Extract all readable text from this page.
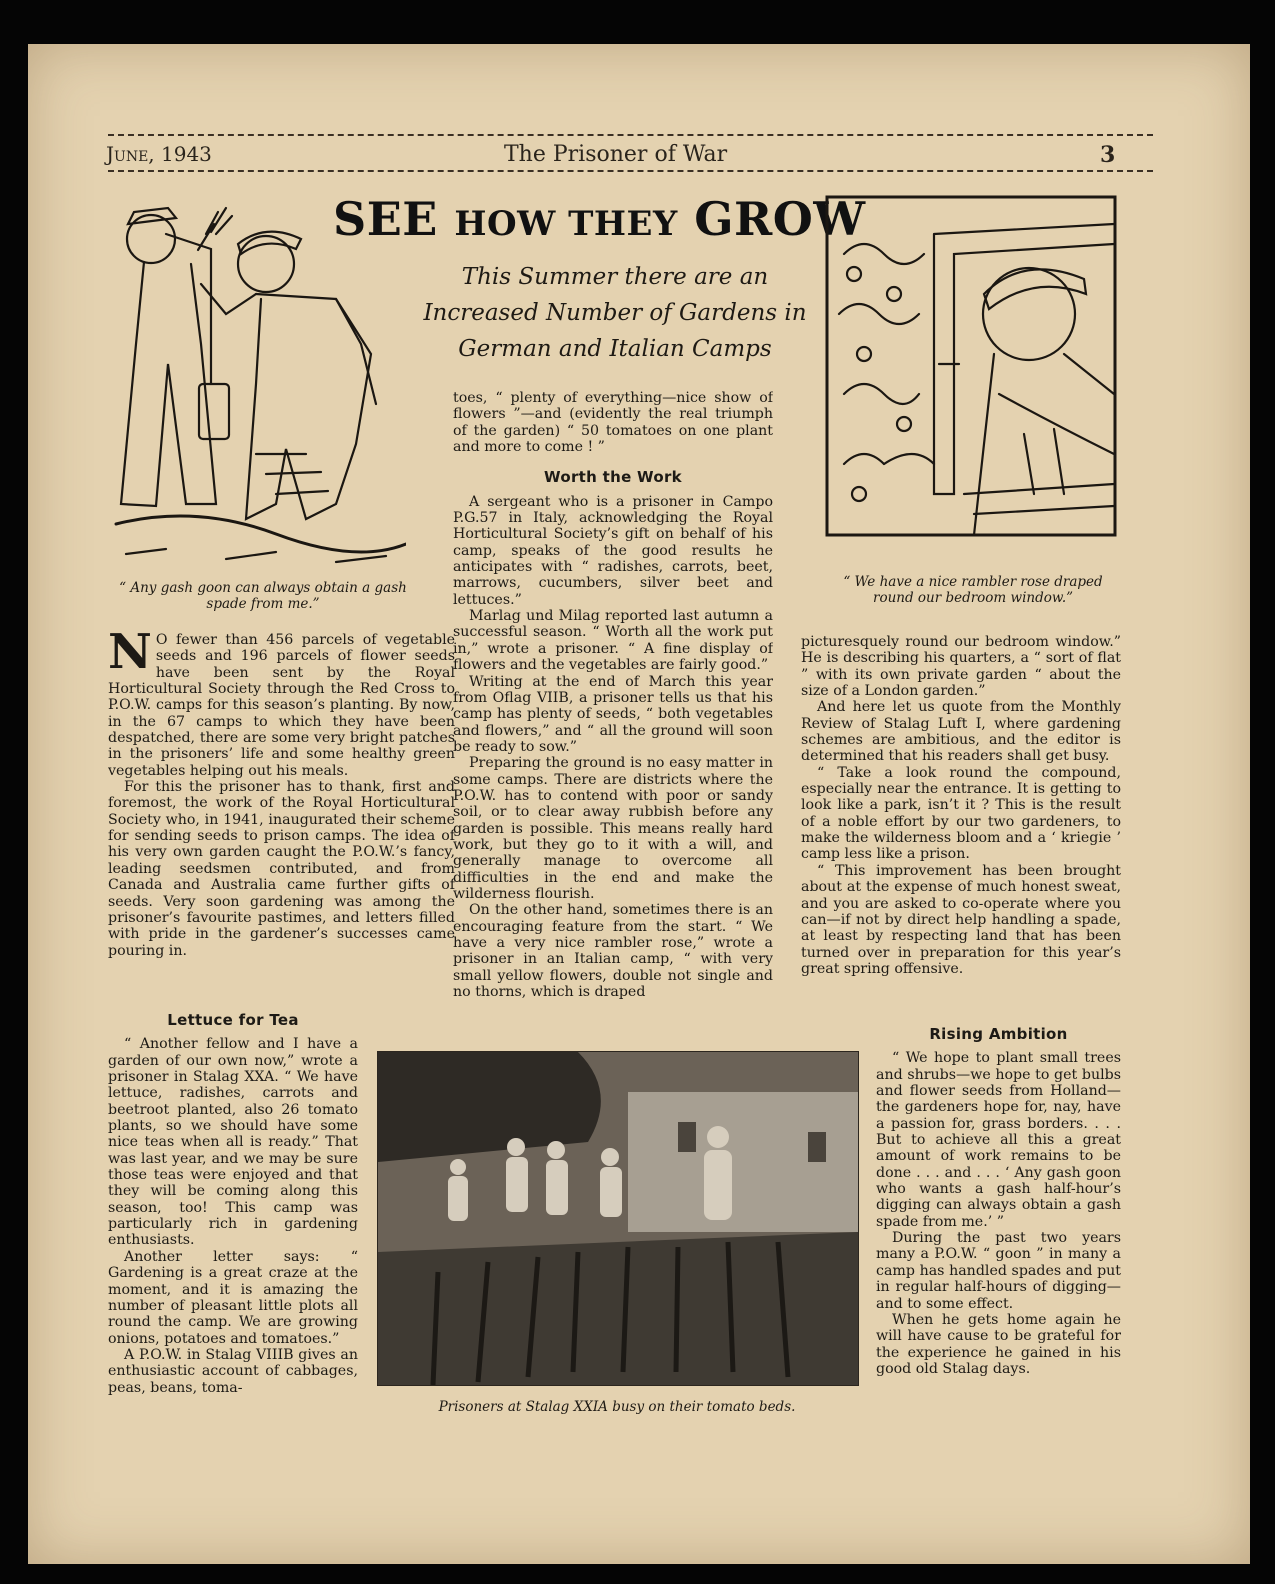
June, 1943	The Prisoner of War	3
SEE HOW THEY GROW
This Summer there are an Increased Number of Gardens in German and Italian Camps
“ Any gash goon can always obtain a gash spade from me.”
“ We have a nice rambler rose draped round our bedroom window.”

N O fewer than 456 parcels of vegetable seeds and 196 parcels of flower seeds have been sent by the Royal Horticultural Society through the Red Cross to P.O.W. camps for this season’s planting. By now, in the 67 camps to which they have been despatched, there are some very bright patches in the prisoners’ life and some healthy green vegetables helping out his meals.

For this the prisoner has to thank, first and foremost, the work of the Royal Horticultural Society who, in 1941, inaugurated their scheme for sending seeds to prison camps. The idea of his very own garden caught the P.O.W.’s fancy, leading seedsmen contributed, and from Canada and Australia came further gifts of seeds. Very soon gardening was among the prisoner’s favourite pastimes, and letters filled with pride in the gardener’s successes came pouring in.

Lettuce for Tea

“ Another fellow and I have a garden of our own now,” wrote a prisoner in Stalag XXA. “ We have lettuce, radishes, carrots and beetroot planted, also 26 tomato plants, so we should have some nice teas when all is ready.” That was last year, and we may be sure those teas were enjoyed and that they will be coming along this season, too! This camp was particularly rich in gardening enthusiasts.

Another letter says: “ Gardening is a great craze at the moment, and it is amazing the number of pleasant little plots all round the camp. We are growing onions, potatoes and tomatoes.”

A P.O.W. in Stalag VIIIB gives an enthusiastic account of cabbages, peas, beans, toma-

toes, “ plenty of everything—nice show of flowers ”—and (evidently the real triumph of the garden) “ 50 tomatoes on one plant and more to come ! ”

Worth the Work

A sergeant who is a prisoner in Campo P.G.57 in Italy, acknowledging the Royal Horticultural Society’s gift on behalf of his camp, speaks of the good results he anticipates with “ radishes, carrots, beet, marrows, cucumbers, silver beet and lettuces.”

Marlag und Milag reported last autumn a successful season. “ Worth all the work put in,” wrote a prisoner. “ A fine display of flowers and the vegetables are fairly good.”

Writing at the end of March this year from Oflag VIIB, a prisoner tells us that his camp has plenty of seeds, “ both vegetables and flowers,” and “ all the ground will soon be ready to sow.”

Preparing the ground is no easy matter in some camps. There are districts where the P.O.W. has to contend with poor or sandy soil, or to clear away rubbish before any garden is possible. This means really hard work, but they go to it with a will, and generally manage to overcome all difficulties in the end and make the wilderness flourish.

On the other hand, sometimes there is an encouraging feature from the start. “ We have a very nice rambler rose,” wrote a prisoner in an Italian camp, “ with very small yellow flowers, double not single and no thorns, which is draped

picturesquely round our bedroom window.” He is describing his quarters, a “ sort of flat ” with its own private garden “ about the size of a London garden.”

And here let us quote from the Monthly Review of Stalag Luft I, where gardening schemes are ambitious, and the editor is determined that his readers shall get busy.

“ Take a look round the compound, especially near the entrance. It is getting to look like a park, isn’t it ? This is the result of a noble effort by our two gardeners, to make the wilderness bloom and a ‘ kriegie ’ camp less like a prison.

“ This improvement has been brought about at the expense of much honest sweat, and you are asked to co-operate where you can—if not by direct help handling a spade, at least by respecting land that has been turned over in preparation for this year’s great spring offensive.

Rising Ambition

“ We hope to plant small trees and shrubs—we hope to get bulbs and flower seeds from Holland—the gardeners hope for, nay, have a passion for, grass borders. . . . But to achieve all this a great amount of work remains to be done . . . and . . . ‘ Any gash goon who wants a gash half-hour’s digging can always obtain a gash spade from me.’ ”

During the past two years many a P.O.W. “ goon ” in many a camp has handled spades and put in regular half-hours of digging—and to some effect.

When he gets home again he will have cause to be grateful for the experience he gained in his good old Stalag days.

Prisoners at Stalag XXIA busy on their tomato beds.
